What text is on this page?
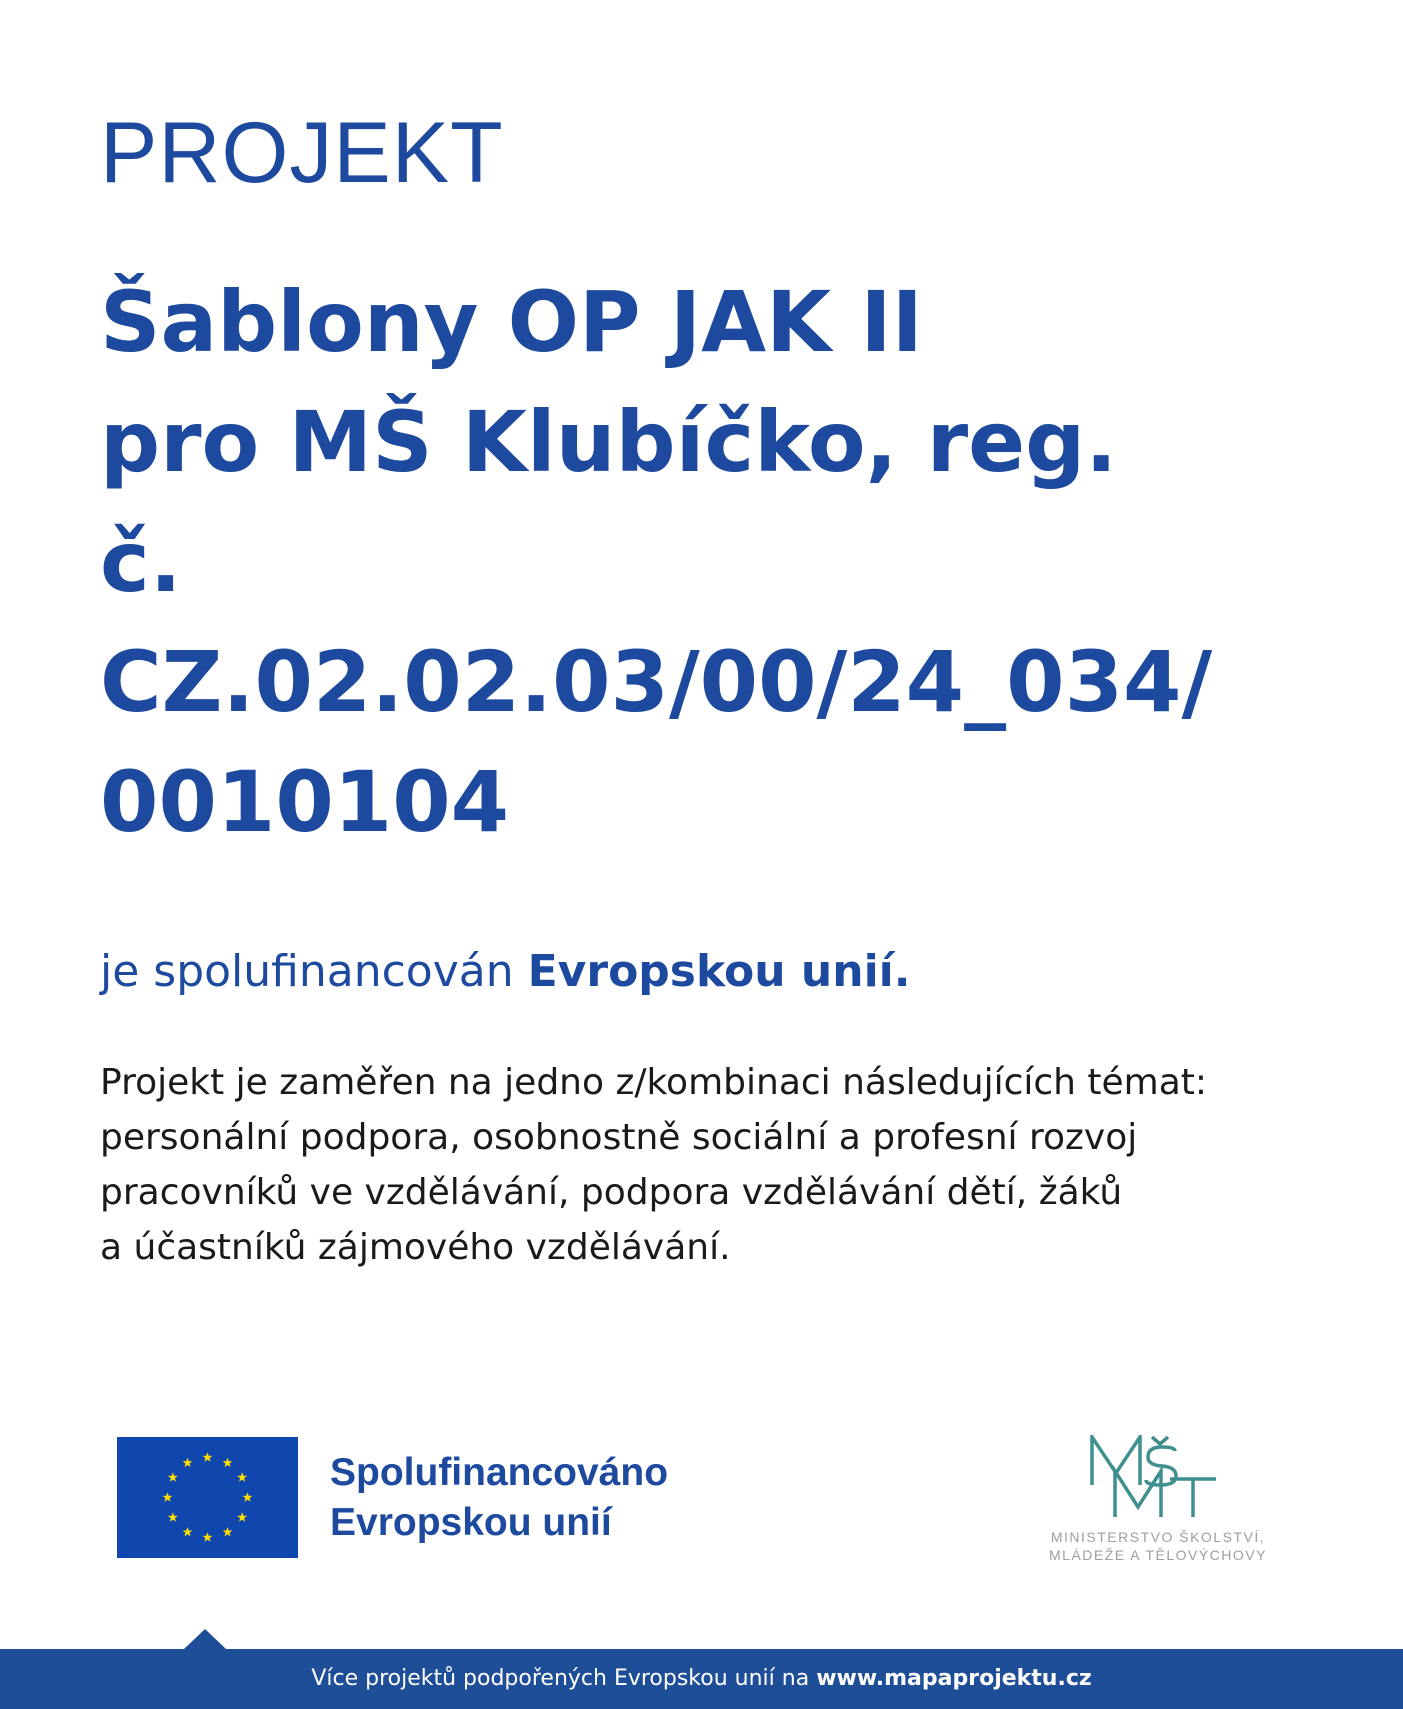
PROJEKT
Šablony OP JAK II
pro MŠ Klubíčko, reg.
č.
CZ.02.02.03/00/24_034/
0010104
je spolufinancován Evropskou unií.
Projekt je zaměřen na jedno z/kombinaci následujících témat:
personální podpora, osobnostně sociální a profesní rozvoj
pracovníků ve vzdělávání, podpora vzdělávání dětí, žáků
a účastníků zájmového vzdělávání.
Spolufinancováno
Evropskou unií	MINISTERSTVO ŠKOLSTVÍ,
MLÁDEŽE A TĚLOVÝCHOVY
Více projektů podpořených Evropskou unií na www.mapaprojektu.cz
